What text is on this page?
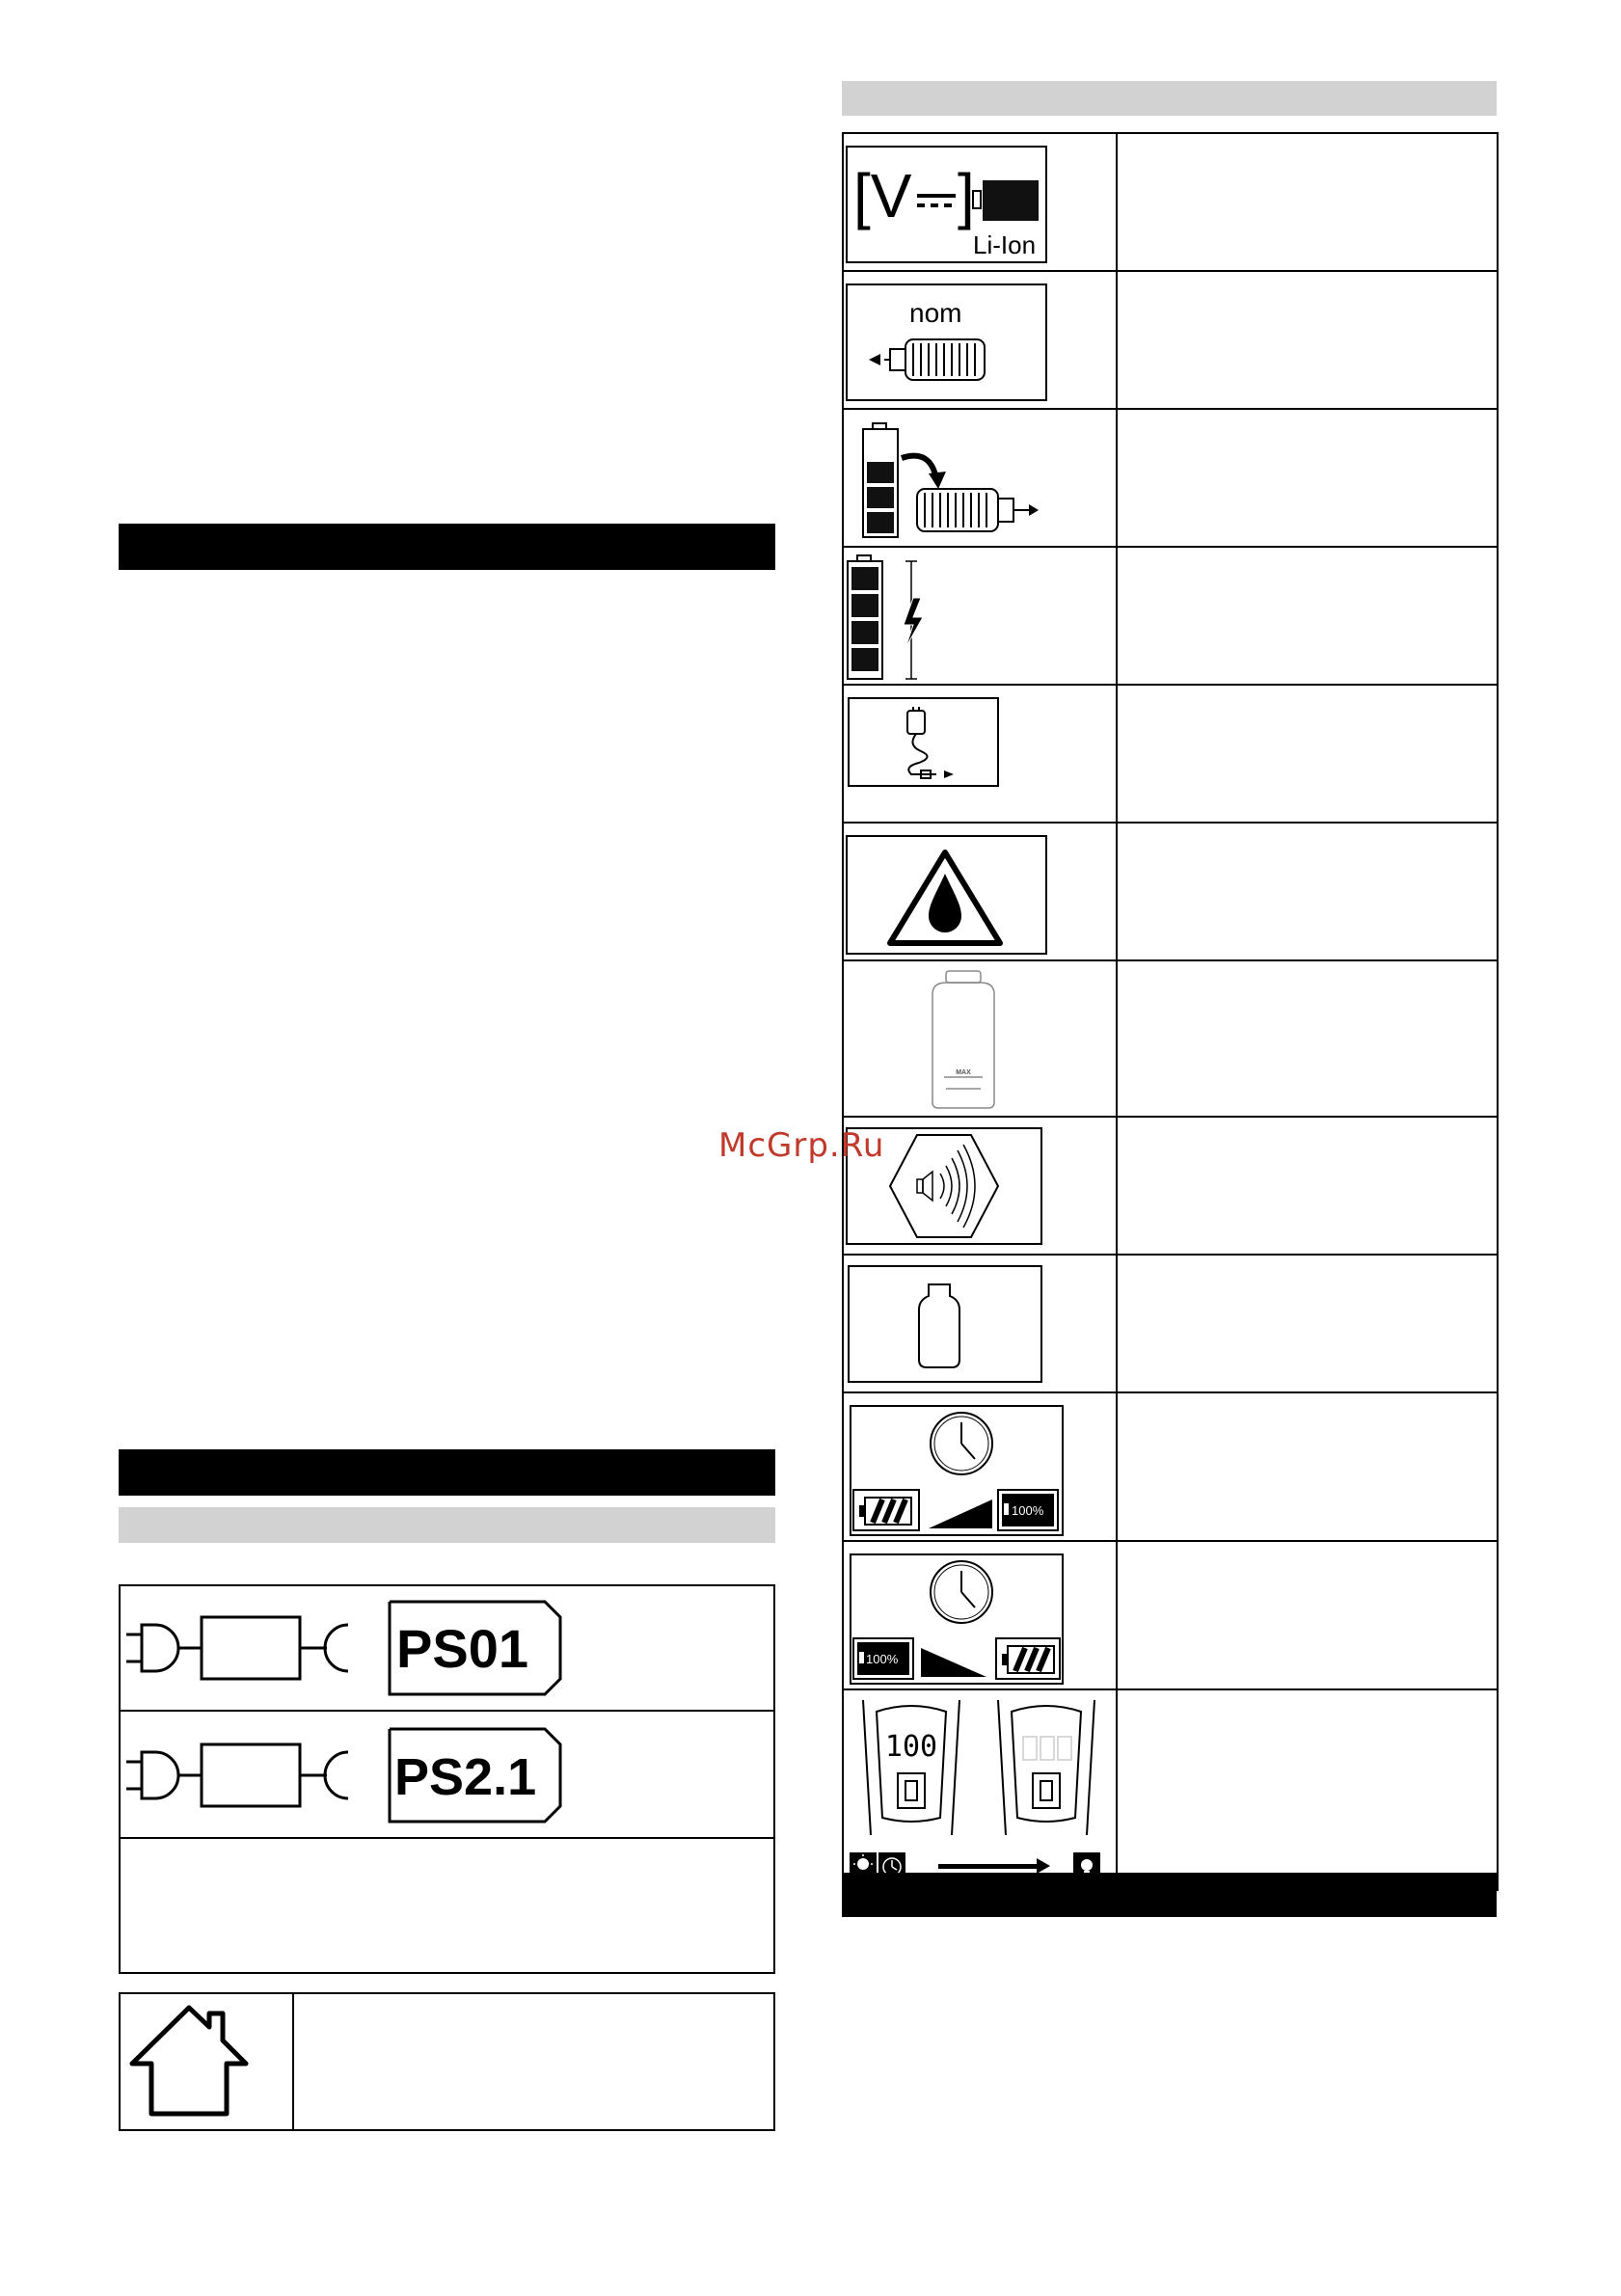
PS01

PS2.1

[V ]
Li-Ion	

nom	

MAX	

100%	

100%	

100	

McGrp.Ru
